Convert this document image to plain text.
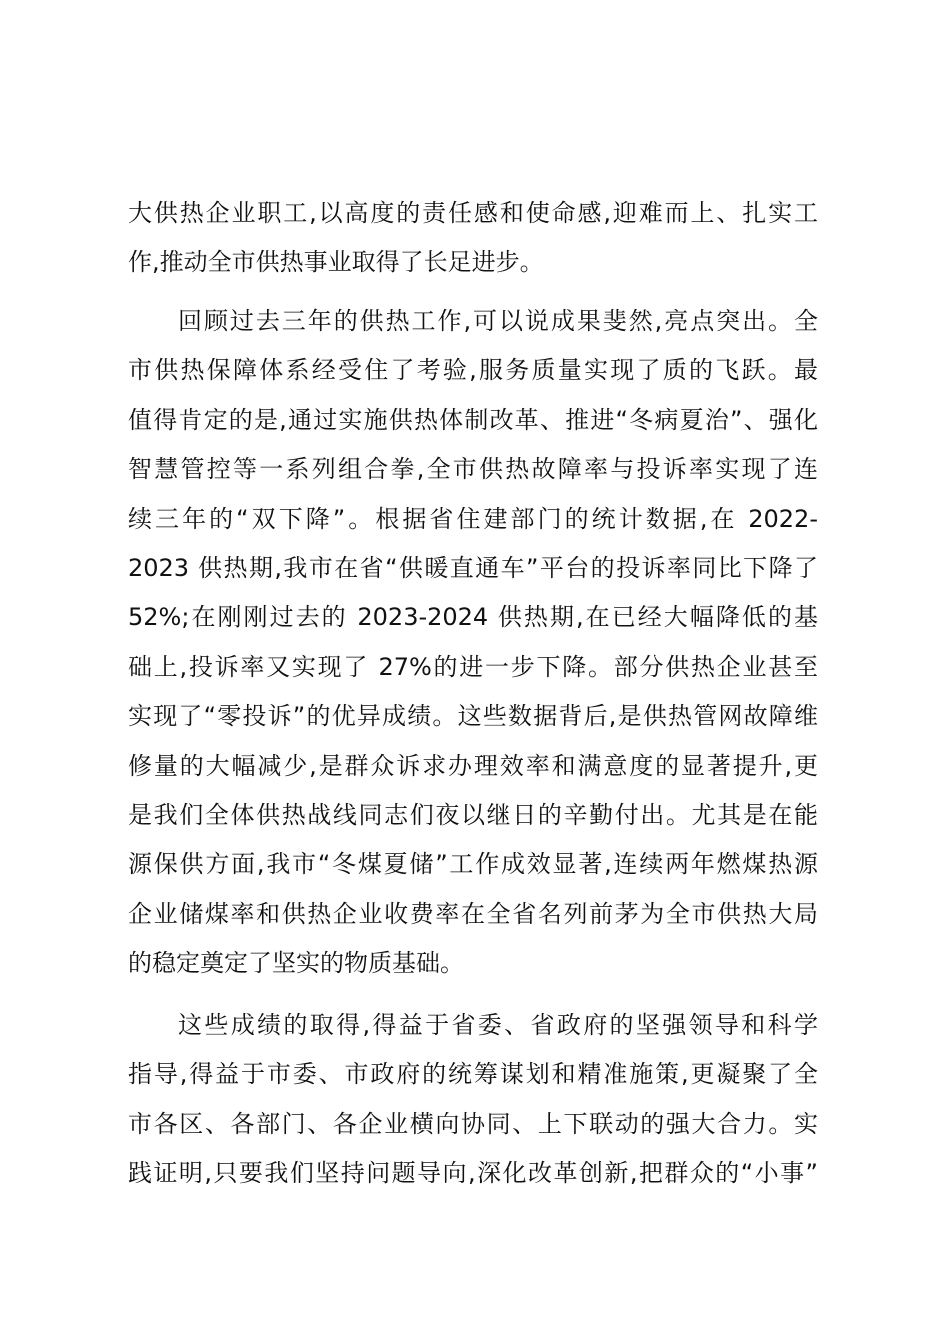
大供热企业职工,以高度的责任感和使命感,迎难而上、扎实工
作,推动全市供热事业取得了长足进步。
回顾过去三年的供热工作,可以说成果斐然,亮点突出。全
市供热保障体系经受住了考验,服务质量实现了质的飞跃。最
值得肯定的是,通过实施供热体制改革、推进“冬病夏治”、强化
智慧管控等一系列组合拳,全市供热故障率与投诉率实现了连
续三年的“双下降”。根据省住建部门的统计数据,在 2022-
2023 供热期,我市在省“供暖直通车”平台的投诉率同比下降了
52%;在刚刚过去的 2023-2024 供热期,在已经大幅降低的基
础上,投诉率又实现了 27%的进一步下降。部分供热企业甚至
实现了“零投诉”的优异成绩。这些数据背后,是供热管网故障维
修量的大幅减少,是群众诉求办理效率和满意度的显著提升,更
是我们全体供热战线同志们夜以继日的辛勤付出。尤其是在能
源保供方面,我市“冬煤夏储”工作成效显著,连续两年燃煤热源
企业储煤率和供热企业收费率在全省名列前茅为全市供热大局
的稳定奠定了坚实的物质基础。
这些成绩的取得,得益于省委、省政府的坚强领导和科学
指导,得益于市委、市政府的统筹谋划和精准施策,更凝聚了全
市各区、各部门、各企业横向协同、上下联动的强大合力。实
践证明,只要我们坚持问题导向,深化改革创新,把群众的“小事”
